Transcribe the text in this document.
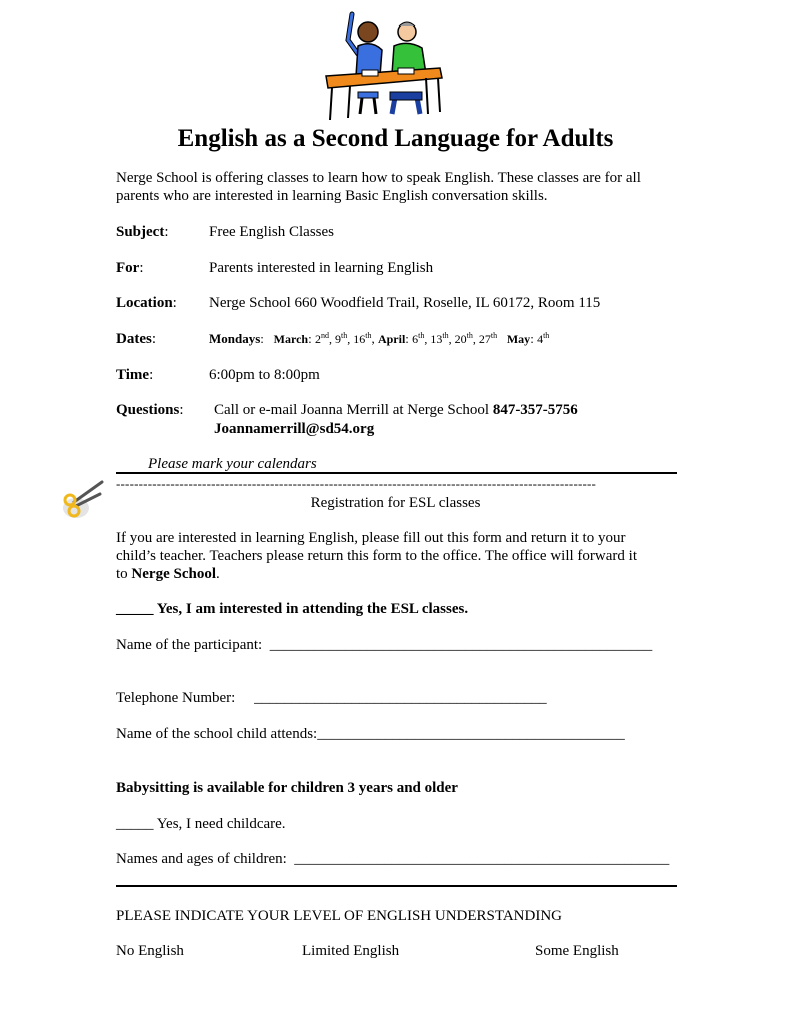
English as a Second Language for Adults
Nerge School is offering classes to learn how to speak English. These classes are for all
parents who are interested in learning Basic English conversation skills.
Subject:	Free English Classes
For:	Parents interested in learning English
Location: Nerge School 660 Woodfield Trail, Roselle, IL 60172, Room 115
Dates:	Mondays:   March: 2nd, 9th, 16th, April: 6th, 13th, 20th, 27th May: 4th
Time:	6:00pm to 8:00pm
Questions: Call or e-mail Joanna Merrill at Nerge School 847-357-5756
Joannamerrill@sd54.org
Please mark your calendars
----------------------------------------------------------------------------------------------------------
Registration for ESL classes
If you are interested in learning English, please fill out this form and return it to your
child’s teacher. Teachers please return this form to the office. The office will forward it
to Nerge School.
_____ Yes, I am interested in attending the ESL classes.
Name of the participant: ___________________________________________________
Telephone Number: _______________________________________
Name of the school child attends:_________________________________________
Babysitting is available for children 3 years and older
_____ Yes, I need childcare.
Names and ages of children: __________________________________________________
PLEASE INDICATE YOUR LEVEL OF ENGLISH UNDERSTANDING
No English	Limited English	Some English
